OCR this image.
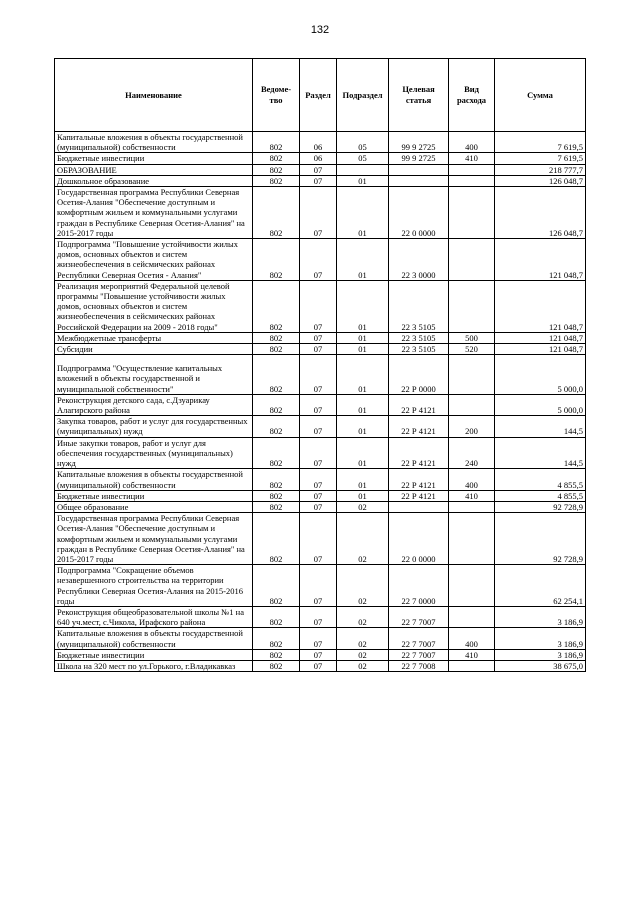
132
Наименование	Ведоме-тво	Раздел	Подраздел	Целевая статья	Вид расхода	Сумма
Капитальные вложения в объекты государственной (муниципальной) собственности	802	06	05	99 9 2725	400	7 619,5
Бюджетные инвестиции	802	06	05	99 9 2725	410	7 619,5
ОБРАЗОВАНИЕ	802	07				218 777,7
Дошкольное образование	802	07	01			126 048,7
Государственная программа Республики Северная Осетия-Алания "Обеспечение доступным и комфортным жильем и коммунальными услугами граждан в Республике Северная Осетия-Алания" на 2015-2017 годы	802	07	01	22 0 0000		126 048,7
Подпрограмма "Повышение устойчивости жилых домов, основных объектов и систем жизнеобеспечения в сейсмических районах Республики Северная Осетия - Алания"	802	07	01	22 3 0000		121 048,7
Реализация мероприятий Федеральной целевой программы "Повышение устойчивости жилых домов, основных объектов и систем жизнеобеспечения в сейсмических районах Российской Федерации на 2009 - 2018 годы"	802	07	01	22 3 5105		121 048,7
Межбюджетные трансферты	802	07	01	22 3 5105	500	121 048,7
Субсидии	802	07	01	22 3 5105	520	121 048,7
Подпрограмма "Осуществление капитальных вложений в объекты государственной и муниципальной собственности"	802	07	01	22 Р 0000		5 000,0
Реконструкция детского сада, с.Дзуарикау Алагирского района	802	07	01	22 Р 4121		5 000,0
Закупка товаров, работ и услуг для государственных (муниципальных) нужд	802	07	01	22 Р 4121	200	144,5
Иные закупки товаров, работ и услуг для обеспечения государственных (муниципальных) нужд	802	07	01	22 Р 4121	240	144,5
Капитальные вложения в объекты государственной (муниципальной) собственности	802	07	01	22 Р 4121	400	4 855,5
Бюджетные инвестиции	802	07	01	22 Р 4121	410	4 855,5
Общее образование	802	07	02			92 728,9
Государственная программа Республики Северная Осетия-Алания "Обеспечение доступным и комфортным жильем и коммунальными услугами граждан в Республике Северная Осетия-Алания" на 2015-2017 годы	802	07	02	22 0 0000		92 728,9
Подпрограмма "Сокращение объемов незавершенного строительства на территории Республики Северная Осетия-Алания на 2015-2016 годы	802	07	02	22 7 0000		62 254,1
Реконструкция общеобразовательной школы №1 на 640 уч.мест, с.Чикола, Ирафского района	802	07	02	22 7 7007		3 186,9
Капитальные вложения в объекты государственной (муниципальной) собственности	802	07	02	22 7 7007	400	3 186,9
Бюджетные инвестиции	802	07	02	22 7 7007	410	3 186,9
Школа на 320 мест по ул.Горького, г.Владикавказ	802	07	02	22 7 7008		38 675,0
